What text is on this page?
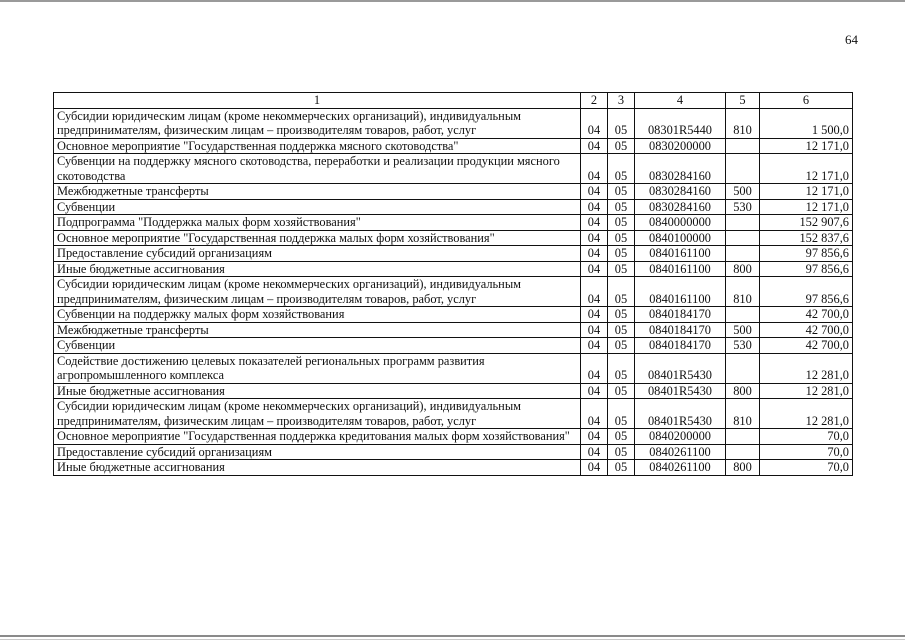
64
1	2	3	4	5	6
Субсидии юридическим лицам (кроме некоммерческих организаций), индивидуальным предпринимателям, физическим лицам – производителям товаров, работ, услуг	04	05	08301R5440	810	1 500,0
Основное мероприятие "Государственная поддержка мясного скотоводства"	04	05	0830200000		12 171,0
Субвенции на поддержку мясного скотоводства, переработки и реализации продукции мясного скотоводства	04	05	0830284160		12 171,0
Межбюджетные трансферты	04	05	0830284160	500	12 171,0
Субвенции	04	05	0830284160	530	12 171,0
Подпрограмма "Поддержка малых форм хозяйствования"	04	05	0840000000		152 907,6
Основное мероприятие "Государственная поддержка малых форм хозяйствования"	04	05	0840100000		152 837,6
Предоставление субсидий организациям	04	05	0840161100		97 856,6
Иные бюджетные ассигнования	04	05	0840161100	800	97 856,6
Субсидии юридическим лицам (кроме некоммерческих организаций), индивидуальным предпринимателям, физическим лицам – производителям товаров, работ, услуг	04	05	0840161100	810	97 856,6
Субвенции на поддержку малых форм хозяйствования	04	05	0840184170		42 700,0
Межбюджетные трансферты	04	05	0840184170	500	42 700,0
Субвенции	04	05	0840184170	530	42 700,0
Содействие достижению целевых показателей региональных программ развития агропромышленного комплекса	04	05	08401R5430		12 281,0
Иные бюджетные ассигнования	04	05	08401R5430	800	12 281,0
Субсидии юридическим лицам (кроме некоммерческих организаций), индивидуальным предпринимателям, физическим лицам – производителям товаров, работ, услуг	04	05	08401R5430	810	12 281,0
Основное мероприятие "Государственная поддержка кредитования малых форм хозяйствования"	04	05	0840200000		70,0
Предоставление субсидий организациям	04	05	0840261100		70,0
Иные бюджетные ассигнования	04	05	0840261100	800	70,0
